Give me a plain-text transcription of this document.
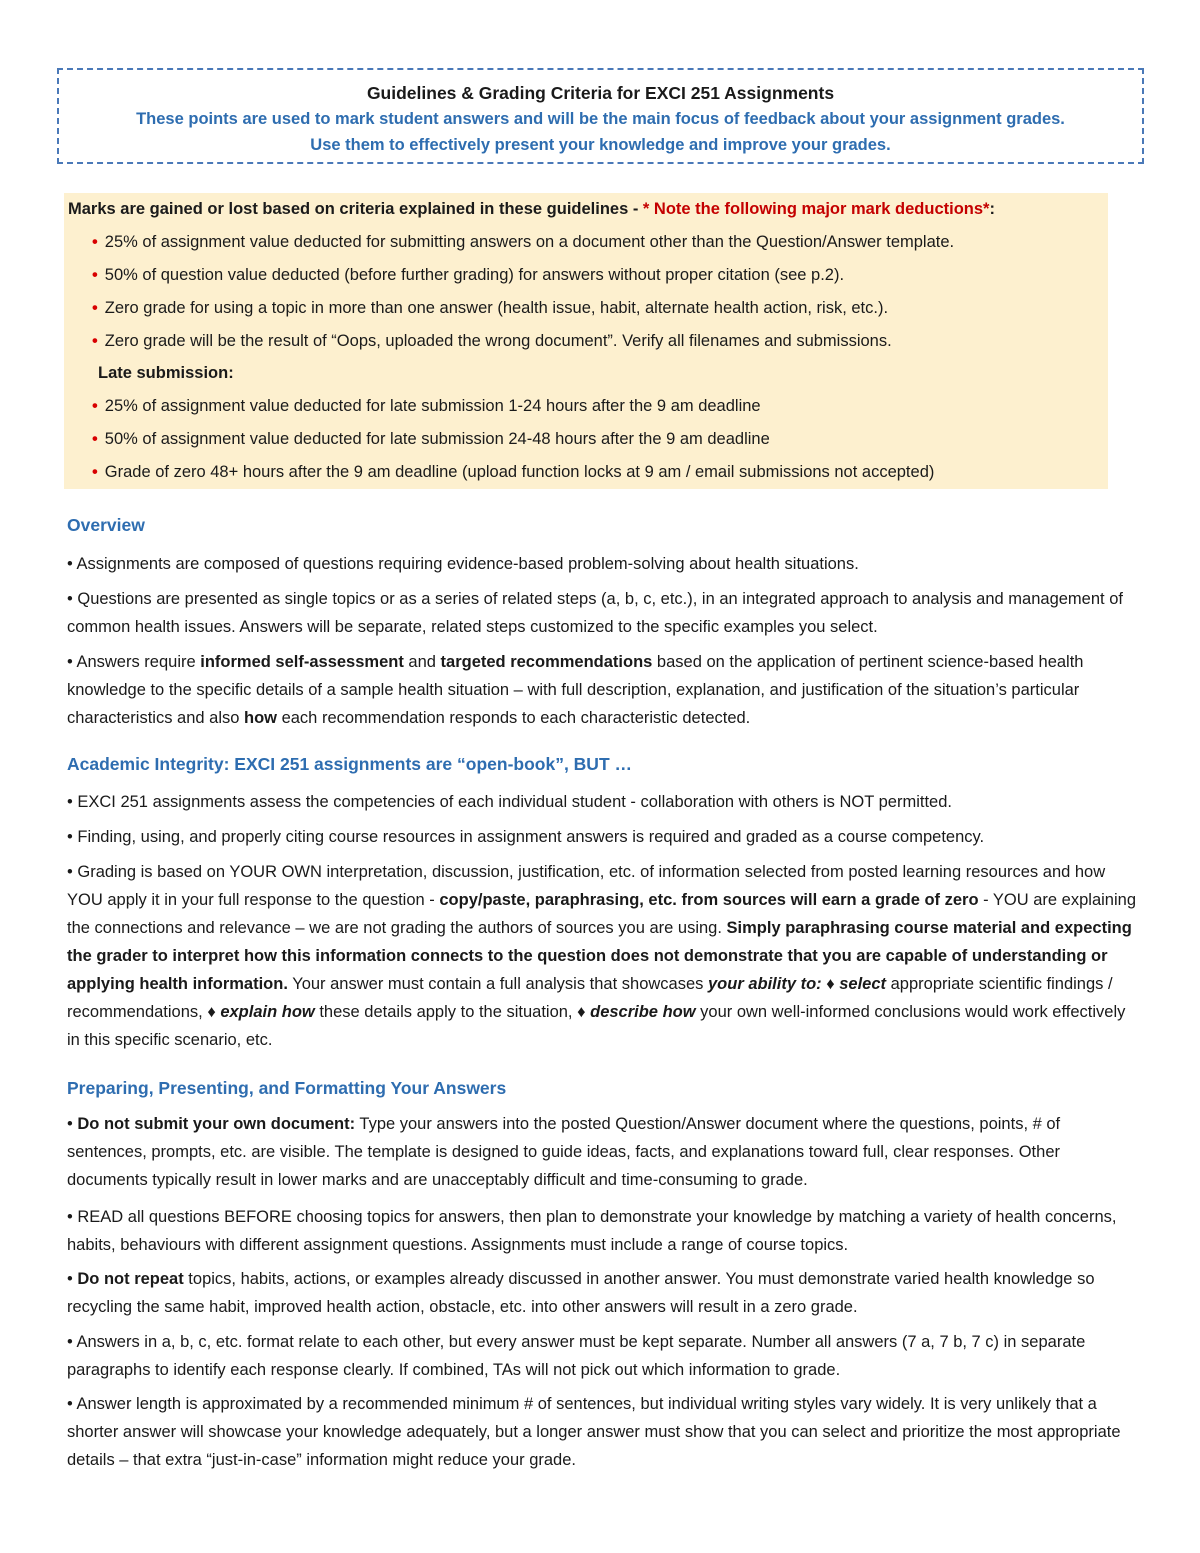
Guidelines & Grading Criteria for EXCI 251 Assignments
These points are used to mark student answers and will be the main focus of feedback about your assignment grades.
Use them to effectively present your knowledge and improve your grades.
Marks are gained or lost based on criteria explained in these guidelines - * Note the following major mark deductions*:
• 25% of assignment value deducted for submitting answers on a document other than the Question/Answer template.
• 50% of question value deducted (before further grading) for answers without proper citation (see p.2).
• Zero grade for using a topic in more than one answer (health issue, habit, alternate health action, risk, etc.).
• Zero grade will be the result of “Oops, uploaded the wrong document”. Verify all filenames and submissions.
Late submission:
• 25% of assignment value deducted for late submission 1-24 hours after the 9 am deadline
• 50% of assignment value deducted for late submission 24-48 hours after the 9 am deadline
• Grade of zero 48+ hours after the 9 am deadline (upload function locks at 9 am / email submissions not accepted)
Overview
• Assignments are composed of questions requiring evidence-based problem-solving about health situations.
• Questions are presented as single topics or as a series of related steps (a, b, c, etc.), in an integrated approach to analysis and management of common health issues. Answers will be separate, related steps customized to the specific examples you select.
• Answers require informed self-assessment and targeted recommendations based on the application of pertinent science-based health knowledge to the specific details of a sample health situation – with full description, explanation, and justification of the situation’s particular characteristics and also how each recommendation responds to each characteristic detected.
Academic Integrity: EXCI 251 assignments are “open-book”, BUT …
• EXCI 251 assignments assess the competencies of each individual student - collaboration with others is NOT permitted.
• Finding, using, and properly citing course resources in assignment answers is required and graded as a course competency.
• Grading is based on YOUR OWN interpretation, discussion, justification, etc. of information selected from posted learning resources and how YOU apply it in your full response to the question - copy/paste, paraphrasing, etc. from sources will earn a grade of zero - YOU are explaining the connections and relevance – we are not grading the authors of sources you are using. Simply paraphrasing course material and expecting the grader to interpret how this information connects to the question does not demonstrate that you are capable of understanding or applying health information. Your answer must contain a full analysis that showcases your ability to: ♦ select appropriate scientific findings / recommendations, ♦ explain how these details apply to the situation, ♦ describe how your own well-informed conclusions would work effectively in this specific scenario, etc.
Preparing, Presenting, and Formatting Your Answers
• Do not submit your own document: Type your answers into the posted Question/Answer document where the questions, points, # of sentences, prompts, etc. are visible. The template is designed to guide ideas, facts, and explanations toward full, clear responses. Other documents typically result in lower marks and are unacceptably difficult and time-consuming to grade.
• READ all questions BEFORE choosing topics for answers, then plan to demonstrate your knowledge by matching a variety of health concerns, habits, behaviours with different assignment questions. Assignments must include a range of course topics.
• Do not repeat topics, habits, actions, or examples already discussed in another answer. You must demonstrate varied health knowledge so recycling the same habit, improved health action, obstacle, etc. into other answers will result in a zero grade.
• Answers in a, b, c, etc. format relate to each other, but every answer must be kept separate. Number all answers (7 a, 7 b, 7 c) in separate paragraphs to identify each response clearly. If combined, TAs will not pick out which information to grade.
• Answer length is approximated by a recommended minimum # of sentences, but individual writing styles vary widely. It is very unlikely that a shorter answer will showcase your knowledge adequately, but a longer answer must show that you can select and prioritize the most appropriate details – that extra “just-in-case” information might reduce your grade.
